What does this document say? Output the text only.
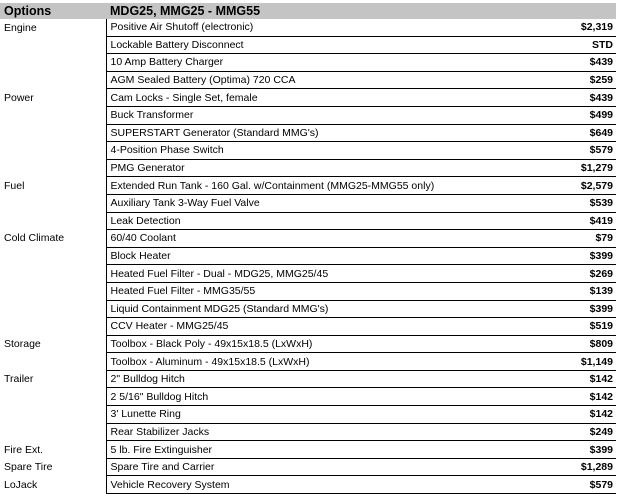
Options	MDG25, MMG25 - MMG55	
Engine	Positive Air Shutoff (electronic)	$2,319
	Lockable Battery Disconnect	STD
	10 Amp Battery Charger	$439
	AGM Sealed Battery (Optima) 720 CCA	$259
Power	Cam Locks - Single Set, female	$439
	Buck Transformer	$499
	SUPERSTART Generator (Standard MMG's)	$649
	4-Position Phase Switch	$579
	PMG Generator	$1,279
Fuel	Extended Run Tank - 160 Gal. w/Containment (MMG25-MMG55 only)	$2,579
	Auxiliary Tank 3-Way Fuel Valve	$539
	Leak Detection	$419
Cold Climate	60/40 Coolant	$79
	Block Heater	$399
	Heated Fuel Filter - Dual - MDG25, MMG25/45	$269
	Heated Fuel Filter - MMG35/55	$139
	Liquid Containment MDG25 (Standard MMG's)	$399
	CCV Heater - MMG25/45	$519
Storage	Toolbox - Black Poly - 49x15x18.5 (LxWxH)	$809
	Toolbox - Aluminum - 49x15x18.5 (LxWxH)	$1,149
Trailer	2" Bulldog Hitch	$142
	2 5/16" Bulldog Hitch	$142
	3' Lunette Ring	$142
	Rear Stabilizer Jacks	$249
Fire Ext.	5 lb. Fire Extinguisher	$399
Spare Tire	Spare Tire and Carrier	$1,289
LoJack	Vehicle Recovery System	$579
